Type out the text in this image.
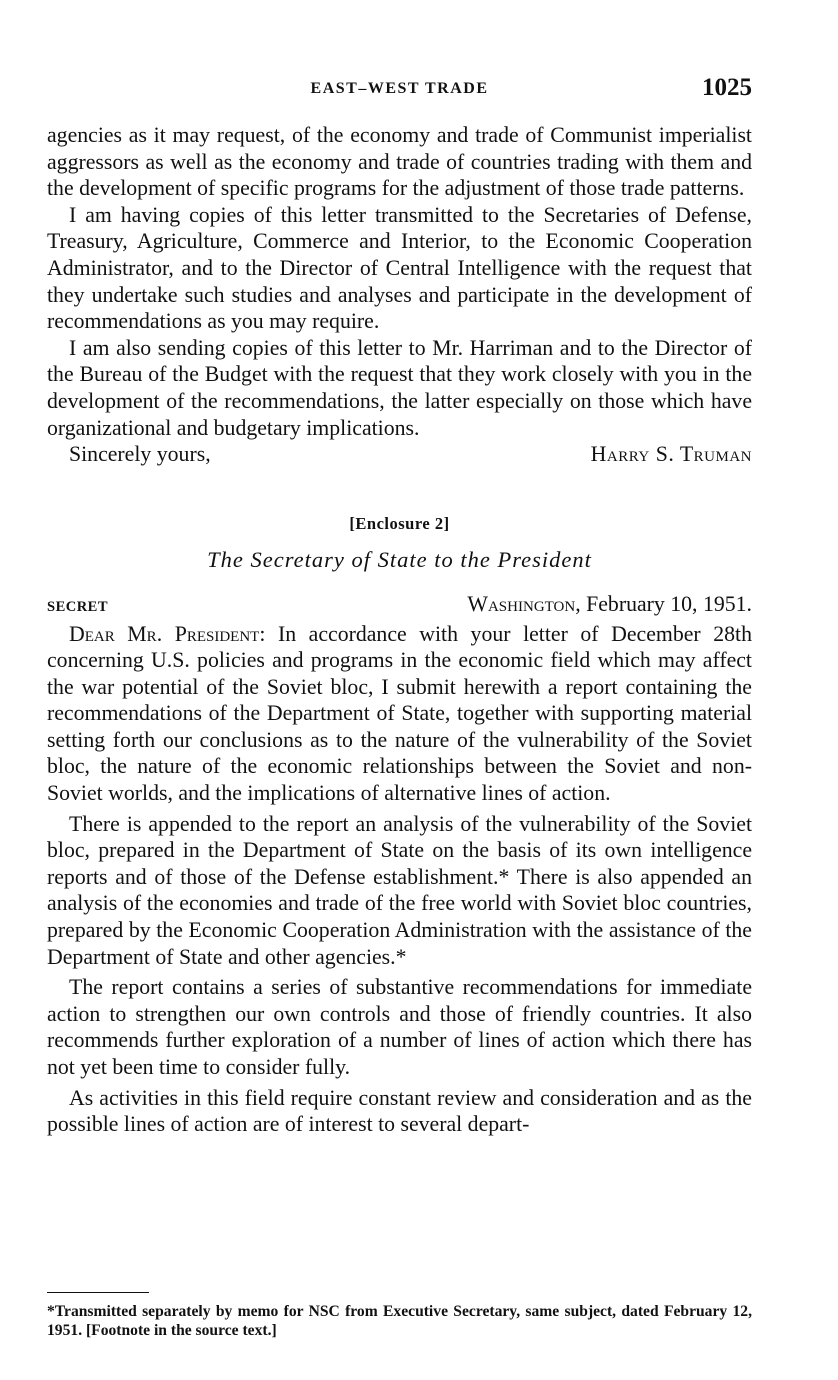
EAST–WEST TRADE	1025

agencies as it may request, of the economy and trade of Communist imperialist aggressors as well as the economy and trade of countries trading with them and the development of specific programs for the adjustment of those trade patterns.

I am having copies of this letter transmitted to the Secretaries of Defense, Treasury, Agriculture, Commerce and Interior, to the Economic Cooperation Administrator, and to the Director of Central Intelligence with the request that they undertake such studies and analyses and participate in the development of recommendations as you may require.

I am also sending copies of this letter to Mr. Harriman and to the Director of the Bureau of the Budget with the request that they work closely with you in the development of the recommendations, the latter especially on those which have organizational and budgetary implications.

Sincerely yours,	Harry S. Truman
[Enclosure 2]
The Secretary of State to the President
SECRET	Washington, February 10, 1951.

Dear Mr. President: In accordance with your letter of December 28th concerning U.S. policies and programs in the economic field which may affect the war potential of the Soviet bloc, I submit herewith a report containing the recommendations of the Department of State, together with supporting material setting forth our conclusions as to the nature of the vulnerability of the Soviet bloc, the nature of the economic relationships between the Soviet and non-Soviet worlds, and the implications of alternative lines of action.

There is appended to the report an analysis of the vulnerability of the Soviet bloc, prepared in the Department of State on the basis of its own intelligence reports and of those of the Defense establishment.* There is also appended an analysis of the economies and trade of the free world with Soviet bloc countries, prepared by the Economic Cooperation Administration with the assistance of the Department of State and other agencies.*

The report contains a series of substantive recommendations for immediate action to strengthen our own controls and those of friendly countries. It also recommends further exploration of a number of lines of action which there has not yet been time to consider fully.

As activities in this field require constant review and consideration and as the possible lines of action are of interest to several depart-

*Transmitted separately by memo for NSC from Executive Secretary, same subject, dated February 12, 1951. [Footnote in the source text.]
